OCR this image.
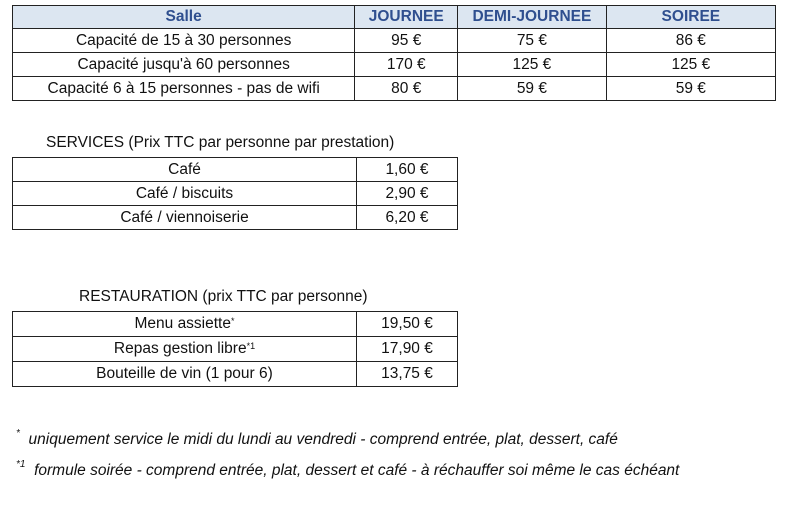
Salle	JOURNEE	DEMI-JOURNEE	SOIREE
Capacité de 15 à 30 personnes	95 €	75 €	86 €
Capacité jusqu'à 60 personnes	170 €	125 €	125 €
Capacité 6 à 15 personnes - pas de wifi	80 €	59 €	59 €
SERVICES (Prix TTC par personne par prestation)
Café	1,60 €
Café / biscuits	2,90 €
Café / viennoiserie	6,20 €
RESTAURATION (prix TTC par personne)
Menu assiette*	19,50 €
Repas gestion libre$^{*1}$	17,90 €
Bouteille de vin (1 pour 6)	13,75 €
* uniquement service le midi du lundi au vendredi - comprend entrée, plat, dessert, café
$^{*1}$ formule soirée - comprend entrée, plat, dessert et café - à réchauffer soi même le cas échéant
